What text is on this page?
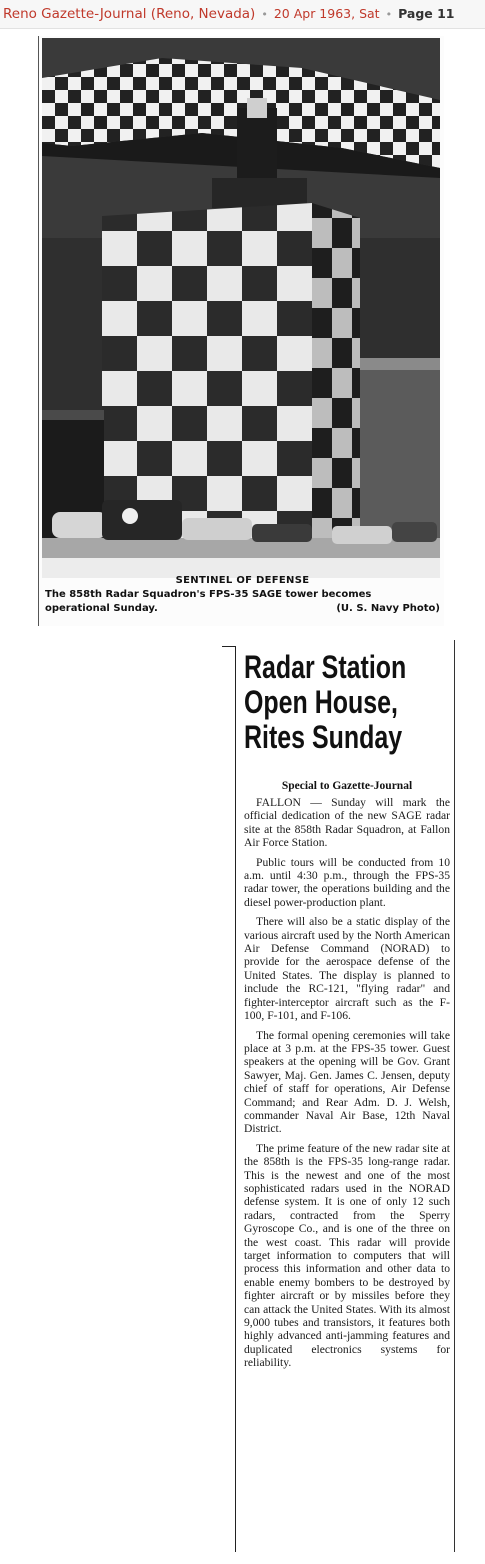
Reno Gazette-Journal (Reno, Nevada) • 20 Apr 1963, Sat • Page 11
SENTINEL OF DEFENSE
The 858th Radar Squadron's FPS-35 SAGE tower becomes
operational Sunday.	(U. S. Navy Photo)
Radar Station
Open House,
Rites Sunday
Special to Gazette-Journal

FALLON — Sunday will mark the official dedication of the new SAGE radar site at the 858th Radar Squadron, at Fallon Air Force Station.

Public tours will be conducted from 10 a.m. until 4:30 p.m., through the FPS-35 radar tower, the operations building and the diesel power-production plant.

There will also be a static display of the various aircraft used by the North American Air Defense Command (NORAD) to provide for the aerospace defense of the United States. The display is planned to include the RC-121, "flying radar" and fighter-interceptor aircraft such as the F-100, F-101, and F-106.

The formal opening ceremonies will take place at 3 p.m. at the FPS-35 tower. Guest speakers at the opening will be Gov. Grant Sawyer, Maj. Gen. James C. Jensen, deputy chief of staff for operations, Air Defense Command; and Rear Adm. D. J. Welsh, commander Naval Air Base, 12th Naval District.

The prime feature of the new radar site at the 858th is the FPS-35 long-range radar. This is the newest and one of the most sophisticated radars used in the NORAD defense system. It is one of only 12 such radars, contracted from the Sperry Gyroscope Co., and is one of the three on the west coast. This radar will provide target information to computers that will process this information and other data to enable enemy bombers to be destroyed by fighter aircraft or by missiles before they can attack the United States. With its almost 9,000 tubes and transistors, it features both highly advanced anti-jamming features and duplicated electronics systems for reliability.
